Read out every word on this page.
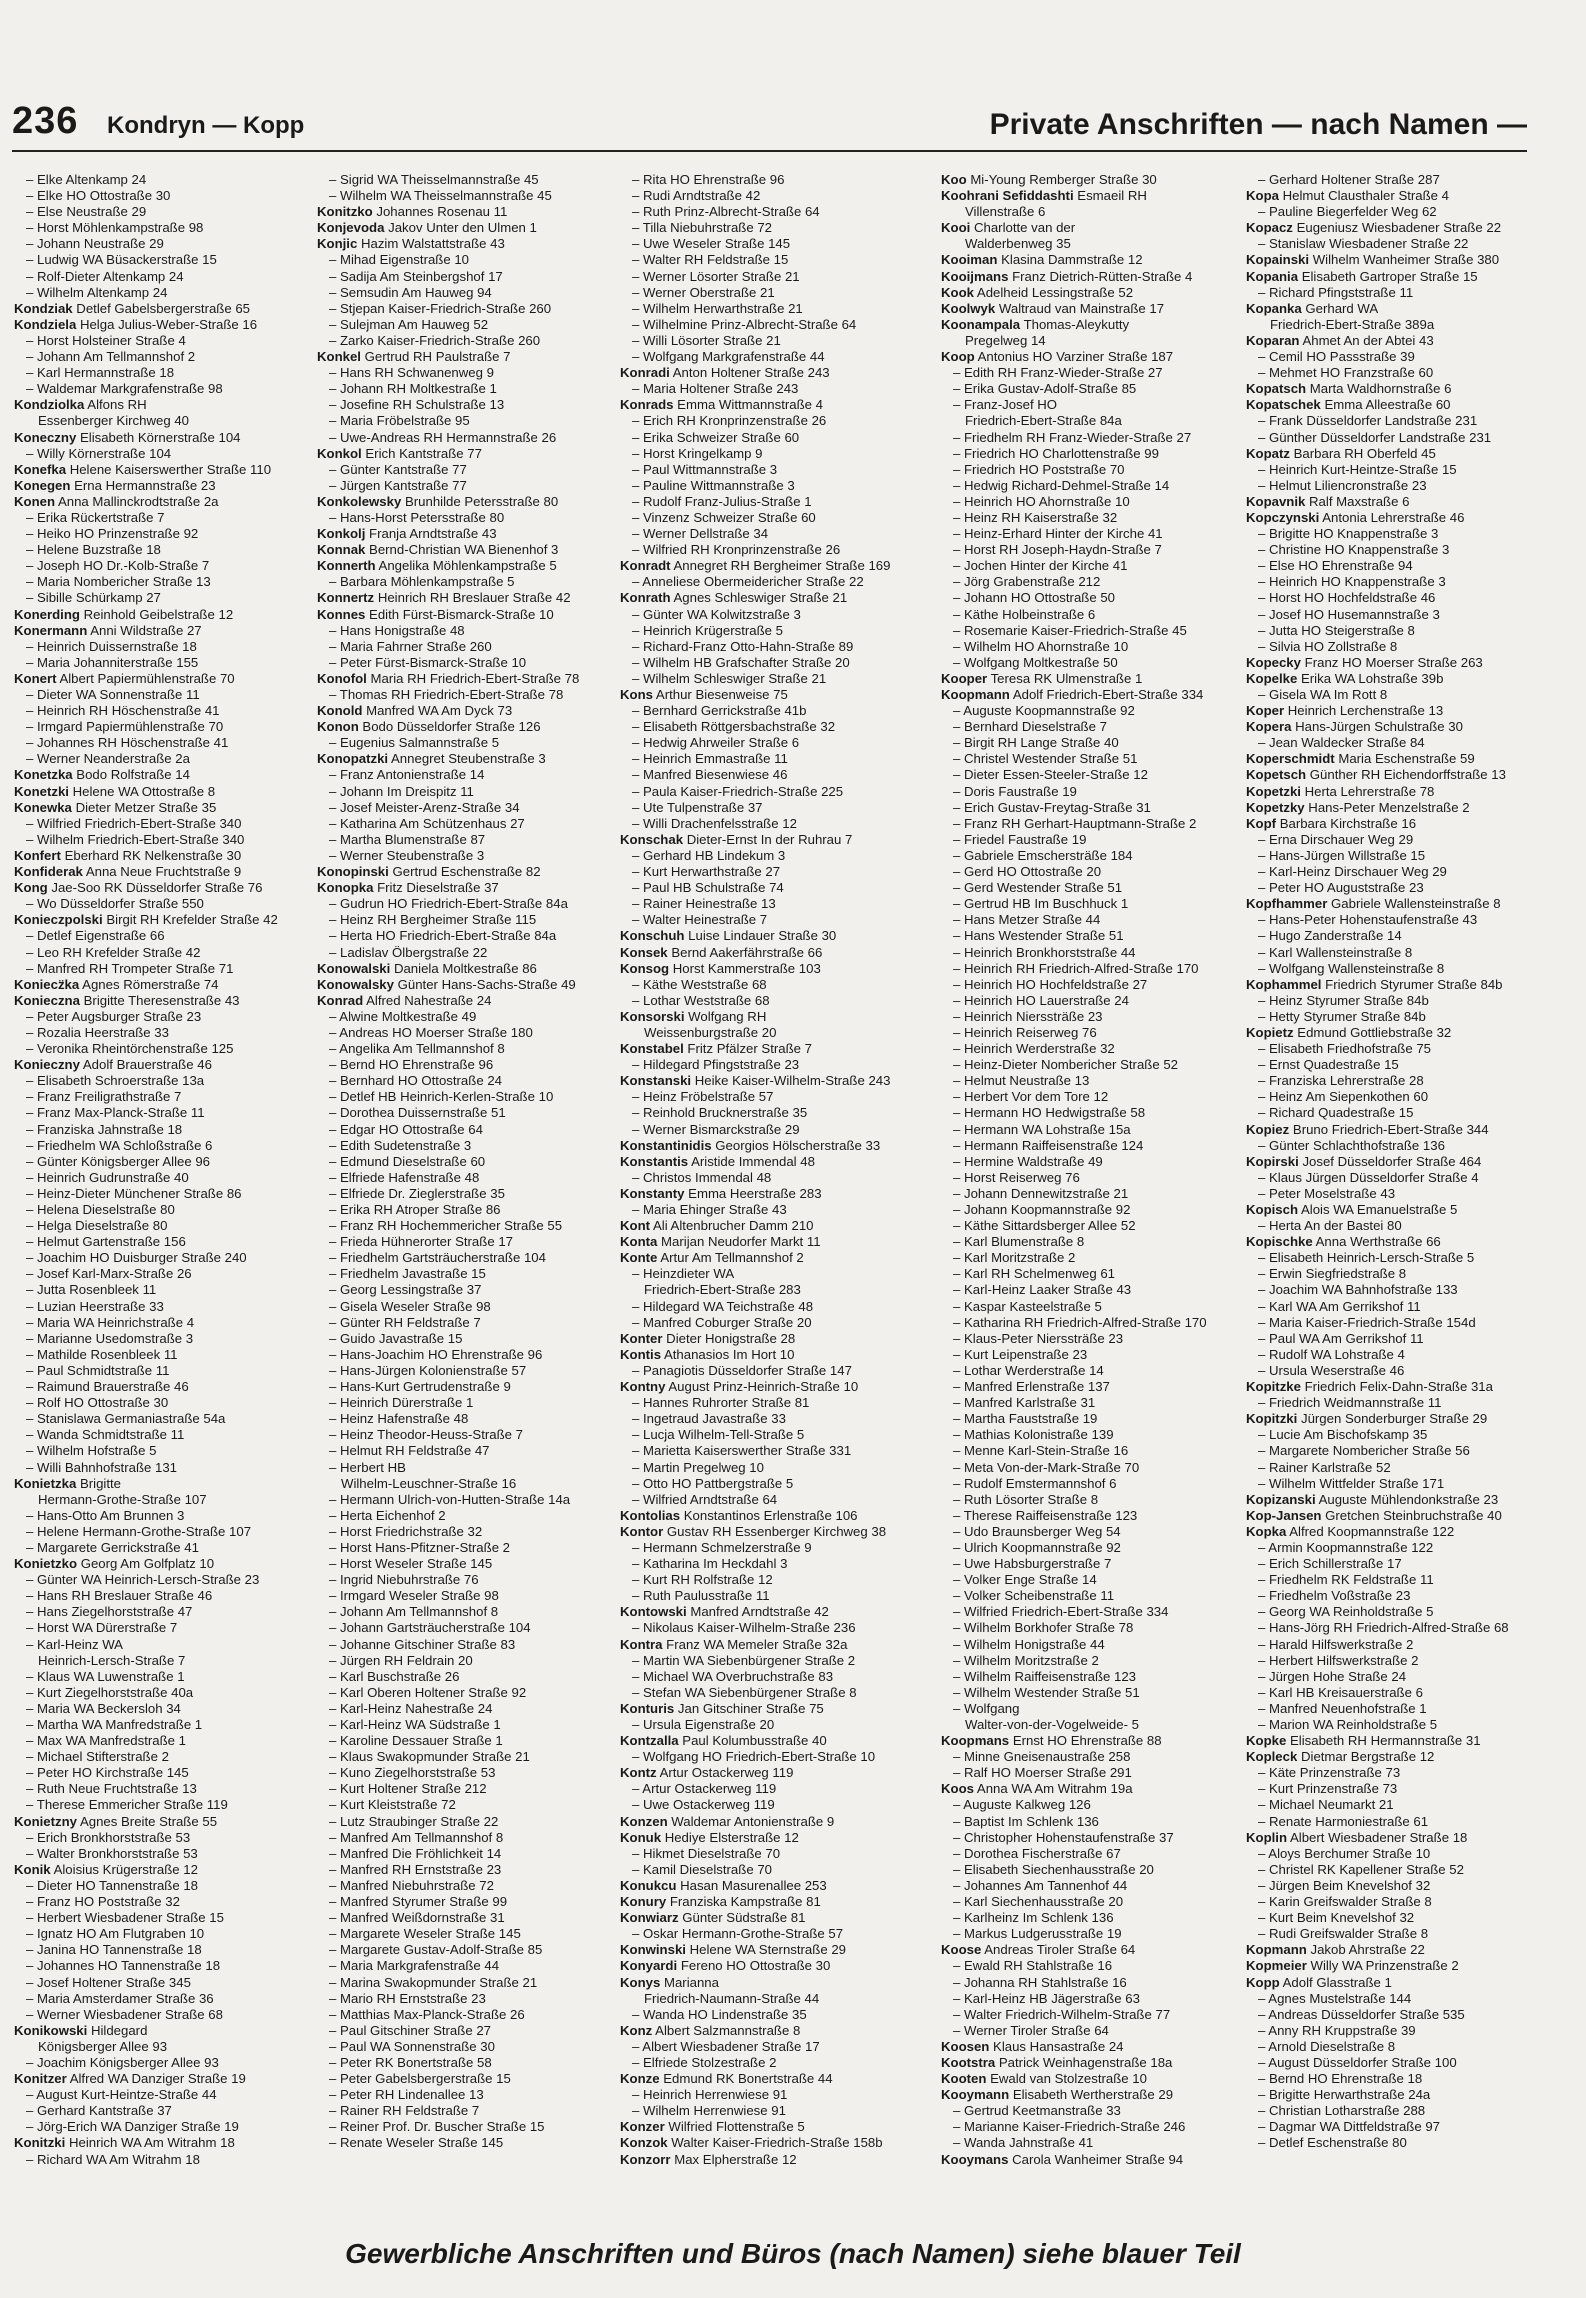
236 Kondryn — Kopp	Private Anschriften — nach Namen —
– Elke Altenkamp 24
– Elke HO Ottostraße 30
– Else Neustraße 29
– Horst Möhlenkampstraße 98
– Johann Neustraße 29
– Ludwig WA Büsackerstraße 15
– Rolf-Dieter Altenkamp 24
– Wilhelm Altenkamp 24
Kondziak Detlef Gabelsbergerstraße 65
Kondziela Helga Julius-Weber-Straße 16
– Horst Holsteiner Straße 4
– Johann Am Tellmannshof 2
– Karl Hermannstraße 18
– Waldemar Markgrafenstraße 98
Kondziolka Alfons RH
Essenberger Kirchweg 40
Koneczny Elisabeth Körnerstraße 104
– Willy Körnerstraße 104
Konefka Helene Kaiserswerther Straße 110
Konegen Erna Hermannstraße 23
Konen Anna Mallinckrodtstraße 2a
– Erika Rückertstraße 7
– Heiko HO Prinzenstraße 92
– Helene Buzstraße 18
– Joseph HO Dr.-Kolb-Straße 7
– Maria Nombericher Straße 13
– Sibille Schürkamp 27
Konerding Reinhold Geibelstraße 12
Konermann Anni Wildstraße 27
– Heinrich Duissernstraße 18
– Maria Johanniterstraße 155
Konert Albert Papiermühlenstraße 70
– Dieter WA Sonnenstraße 11
– Heinrich RH Höschenstraße 41
– Irmgard Papiermühlenstraße 70
– Johannes RH Höschenstraße 41
– Werner Neanderstraße 2a
Konetzka Bodo Rolfstraße 14
Konetzki Helene WA Ottostraße 8
Konewka Dieter Metzer Straße 35
– Wilfried Friedrich-Ebert-Straße 340
– Wilhelm Friedrich-Ebert-Straße 340
Konfert Eberhard RK Nelkenstraße 30
Konfiderak Anna Neue Fruchtstraße 9
Kong Jae-Soo RK Düsseldorfer Straße 76
– Wo Düsseldorfer Straße 550
Konieczpolski Birgit RH Krefelder Straße 42
– Detlef Eigenstraße 66
– Leo RH Krefelder Straße 42
– Manfred RH Trompeter Straße 71
Koniecz̈ka Agnes Römerstraße 74
Konieczna Brigitte Theresenstraße 43
– Peter Augsburger Straße 23
– Rozalia Heerstraße 33
– Veronika Rheintörchenstraße 125
Konieczny Adolf Brauerstraße 46
– Elisabeth Schroerstraße 13a
– Franz Freiligrathstraße 7
– Franz Max-Planck-Straße 11
– Franziska Jahnstraße 18
– Friedhelm WA Schloßstraße 6
– Günter Königsberger Allee 96
– Heinrich Gudrunstraße 40
– Heinz-Dieter Münchener Straße 86
– Helena Dieselstraße 80
– Helga Dieselstraße 80
– Helmut Gartenstraße 156
– Joachim HO Duisburger Straße 240
– Josef Karl-Marx-Straße 26
– Jutta Rosenbleek 11
– Luzian Heerstraße 33
– Maria WA Heinrichstraße 4
– Marianne Usedomstraße 3
– Mathilde Rosenbleek 11
– Paul Schmidtstraße 11
– Raimund Brauerstraße 46
– Rolf HO Ottostraße 30
– Stanislawa Germaniastraße 54a
– Wanda Schmidtstraße 11
– Wilhelm Hofstraße 5
– Willi Bahnhofstraße 131
Konietzka Brigitte
Hermann-Grothe-Straße 107
– Hans-Otto Am Brunnen 3
– Helene Hermann-Grothe-Straße 107
– Margarete Gerrickstraße 41
Konietzko Georg Am Golfplatz 10
– Günter WA Heinrich-Lersch-Straße 23
– Hans RH Breslauer Straße 46
– Hans Ziegelhorststraße 47
– Horst WA Dürerstraße 7
– Karl-Heinz WA
Heinrich-Lersch-Straße 7
– Klaus WA Luwenstraße 1
– Kurt Ziegelhorststraße 40a
– Maria WA Beckersloh 34
– Martha WA Manfredstraße 1
– Max WA Manfredstraße 1
– Michael Stifterstraße 2
– Peter HO Kirchstraße 145
– Ruth Neue Fruchtstraße 13
– Therese Emmericher Straße 119
Konietzny Agnes Breite Straße 55
– Erich Bronkhorststraße 53
– Walter Bronkhorststraße 53
Konik Aloisius Krügerstraße 12
– Dieter HO Tannenstraße 18
– Franz HO Poststraße 32
– Herbert Wiesbadener Straße 15
– Ignatz HO Am Flutgraben 10
– Janina HO Tannenstraße 18
– Johannes HO Tannenstraße 18
– Josef Holtener Straße 345
– Maria Amsterdamer Straße 36
– Werner Wiesbadener Straße 68
Konikowski Hildegard
Königsberger Allee 93
– Joachim Königsberger Allee 93
Konitzer Alfred WA Danziger Straße 19
– August Kurt-Heintze-Straße 44
– Gerhard Kantstraße 37
– Jörg-Erich WA Danziger Straße 19
Konitzki Heinrich WA Am Witrahm 18
– Richard WA Am Witrahm 18
– Sigrid WA Theisselmannstraße 45
– Wilhelm WA Theisselmannstraße 45
Konitzko Johannes Rosenau 11
Konjevoda Jakov Unter den Ulmen 1
Konjic Hazim Walstattstraße 43
– Mihad Eigenstraße 10
– Sadija Am Steinbergshof 17
– Semsudin Am Hauweg 94
– Stjepan Kaiser-Friedrich-Straße 260
– Sulejman Am Hauweg 52
– Zarko Kaiser-Friedrich-Straße 260
Konkel Gertrud RH Paulstraße 7
– Hans RH Schwanenweg 9
– Johann RH Moltkestraße 1
– Josefine RH Schulstraße 13
– Maria Fröbelstraße 95
– Uwe-Andreas RH Hermannstraße 26
Konkol Erich Kantstraße 77
– Günter Kantstraße 77
– Jürgen Kantstraße 77
Konkolewsky Brunhilde Petersstraße 80
– Hans-Horst Petersstraße 80
Konkolj Franja Arndtstraße 43
Konnak Bernd-Christian WA Bienenhof 3
Konnerth Angelika Möhlenkampstraße 5
– Barbara Möhlenkampstraße 5
Konnertz Heinrich RH Breslauer Straße 42
Konnes Edith Fürst-Bismarck-Straße 10
– Hans Honigstraße 48
– Maria Fahrner Straße 260
– Peter Fürst-Bismarck-Straße 10
Konofol Maria RH Friedrich-Ebert-Straße 78
– Thomas RH Friedrich-Ebert-Straße 78
Konold Manfred WA Am Dyck 73
Konon Bodo Düsseldorfer Straße 126
– Eugenius Salmannstraße 5
Konopatzki Annegret Steubenstraße 3
– Franz Antonienstraße 14
– Johann Im Dreispitz 11
– Josef Meister-Arenz-Straße 34
– Katharina Am Schützenhaus 27
– Martha Blumenstraße 87
– Werner Steubenstraße 3
Konopinski Gertrud Eschenstraße 82
Konopka Fritz Dieselstraße 37
– Gudrun HO Friedrich-Ebert-Straße 84a
– Heinz RH Bergheimer Straße 115
– Herta HO Friedrich-Ebert-Straße 84a
– Ladislav Ölbergstraße 22
Konowalski Daniela Moltkestraße 86
Konowalsky Günter Hans-Sachs-Straße 49
Konrad Alfred Nahestraße 24
– Alwine Moltkestraße 49
– Andreas HO Moerser Straße 180
– Angelika Am Tellmannshof 8
– Bernd HO Ehrenstraße 96
– Bernhard HO Ottostraße 24
– Detlef HB Heinrich-Kerlen-Straße 10
– Dorothea Duissernstraße 51
– Edgar HO Ottostraße 64
– Edith Sudetenstraße 3
– Edmund Dieselstraße 60
– Elfriede Hafenstraße 48
– Elfriede Dr. Zieglerstraße 35
– Erika RH Atroper Straße 86
– Franz RH Hochemmericher Straße 55
– Frieda Hühnerorter Straße 17
– Friedhelm Gartsträucherstraße 104
– Friedhelm Javastraße 15
– Georg Lessingstraße 37
– Gisela Weseler Straße 98
– Günter RH Feldstraße 7
– Guido Javastraße 15
– Hans-Joachim HO Ehrenstraße 96
– Hans-Jürgen Kolonienstraße 57
– Hans-Kurt Gertrudenstraße 9
– Heinrich Dürerstraße 1
– Heinz Hafenstraße 48
– Heinz Theodor-Heuss-Straße 7
– Helmut RH Feldstraße 47
– Herbert HB
Wilhelm-Leuschner-Straße 16
– Hermann Ulrich-von-Hutten-Straße 14a
– Herta Eichenhof 2
– Horst Friedrichstraße 32
– Horst Hans-Pfitzner-Straße 2
– Horst Weseler Straße 145
– Ingrid Niebuhrstraße 76
– Irmgard Weseler Straße 98
– Johann Am Tellmannshof 8
– Johann Gartsträucherstraße 104
– Johanne Gitschiner Straße 83
– Jürgen RH Feldrain 20
– Karl Buschstraße 26
– Karl Oberen Holtener Straße 92
– Karl-Heinz Nahestraße 24
– Karl-Heinz WA Südstraße 1
– Karoline Dessauer Straße 1
– Klaus Swakopmunder Straße 21
– Kuno Ziegelhorststraße 53
– Kurt Holtener Straße 212
– Kurt Kleiststraße 72
– Lutz Straubinger Straße 22
– Manfred Am Tellmannshof 8
– Manfred Die Fröhlichkeit 14
– Manfred RH Ernststraße 23
– Manfred Niebuhrstraße 72
– Manfred Styrumer Straße 99
– Manfred Weißdornstraße 31
– Margarete Weseler Straße 145
– Margarete Gustav-Adolf-Straße 85
– Maria Markgrafenstraße 44
– Marina Swakopmunder Straße 21
– Mario RH Ernststraße 23
– Matthias Max-Planck-Straße 26
– Paul Gitschiner Straße 27
– Paul WA Sonnenstraße 30
– Peter RK Bonertstraße 58
– Peter Gabelsbergerstraße 15
– Peter RH Lindenallee 13
– Rainer RH Feldstraße 7
– Reiner Prof. Dr. Buscher Straße 15
– Renate Weseler Straße 145
– Rita HO Ehrenstraße 96
– Rudi Arndtstraße 42
– Ruth Prinz-Albrecht-Straße 64
– Tilla Niebuhrstraße 72
– Uwe Weseler Straße 145
– Walter RH Feldstraße 15
– Werner Lösorter Straße 21
– Werner Oberstraße 21
– Wilhelm Herwarthstraße 21
– Wilhelmine Prinz-Albrecht-Straße 64
– Willi Lösorter Straße 21
– Wolfgang Markgrafenstraße 44
Konradi Anton Holtener Straße 243
– Maria Holtener Straße 243
Konrads Emma Wittmannstraße 4
– Erich RH Kronprinzenstraße 26
– Erika Schweizer Straße 60
– Horst Kringelkamp 9
– Paul Wittmannstraße 3
– Pauline Wittmannstraße 3
– Rudolf Franz-Julius-Straße 1
– Vinzenz Schweizer Straße 60
– Werner Dellstraße 34
– Wilfried RH Kronprinzenstraße 26
Konradt Annegret RH Bergheimer Straße 169
– Anneliese Obermeidericher Straße 22
Konrath Agnes Schleswiger Straße 21
– Günter WA Kolwitzstraße 3
– Heinrich Krügerstraße 5
– Richard-Franz Otto-Hahn-Straße 89
– Wilhelm HB Grafschafter Straße 20
– Wilhelm Schleswiger Straße 21
Kons Arthur Biesenweise 75
– Bernhard Gerrickstraße 41b
– Elisabeth Röttgersbachstraße 32
– Hedwig Ahrweiler Straße 6
– Heinrich Emmastraße 11
– Manfred Biesenwiese 46
– Paula Kaiser-Friedrich-Straße 225
– Ute Tulpenstraße 37
– Willi Drachenfelsstraße 12
Konschak Dieter-Ernst In der Ruhrau 7
– Gerhard HB Lindekum 3
– Kurt Herwarthstraße 27
– Paul HB Schulstraße 74
– Rainer Heinestraße 13
– Walter Heinestraße 7
Konschuh Luise Lindauer Straße 30
Konsek Bernd Aakerfährstraße 66
Konsog Horst Kammerstraße 103
– Käthe Weststraße 68
– Lothar Weststraße 68
Konsorski Wolfgang RH
Weissenburgstraße 20
Konstabel Fritz Pfälzer Straße 7
– Hildegard Pfingststraße 23
Konstanski Heike Kaiser-Wilhelm-Straße 243
– Heinz Fröbelstraße 57
– Reinhold Brucknerstraße 35
– Werner Bismarckstraße 29
Konstantinidis Georgios Hölscherstraße 33
Konstantis Aristide Immendal 48
– Christos Immendal 48
Konstanty Emma Heerstraße 283
– Maria Ehinger Straße 43
Kont Ali Altenbrucher Damm 210
Konta Marijan Neudorfer Markt 11
Konte Artur Am Tellmannshof 2
– Heinzdieter WA
Friedrich-Ebert-Straße 283
– Hildegard WA Teichstraße 48
– Manfred Coburger Straße 20
Konter Dieter Honigstraße 28
Kontis Athanasios Im Hort 10
– Panagiotis Düsseldorfer Straße 147
Kontny August Prinz-Heinrich-Straße 10
– Hannes Ruhrorter Straße 81
– Ingetraud Javastraße 33
– Lucja Wilhelm-Tell-Straße 5
– Marietta Kaiserswerther Straße 331
– Martin Pregelweg 10
– Otto HO Pattbergstraße 5
– Wilfried Arndtstraße 64
Kontolias Konstantinos Erlenstraße 106
Kontor Gustav RH Essenberger Kirchweg 38
– Hermann Schmelzerstraße 9
– Katharina Im Heckdahl 3
– Kurt RH Rolfstraße 12
– Ruth Paulusstraße 11
Kontowski Manfred Arndtstraße 42
– Nikolaus Kaiser-Wilhelm-Straße 236
Kontra Franz WA Memeler Straße 32a
– Martin WA Siebenbürgener Straße 2
– Michael WA Overbruchstraße 83
– Stefan WA Siebenbürgener Straße 8
Konturis Jan Gitschiner Straße 75
– Ursula Eigenstraße 20
Kontzalla Paul Kolumbusstraße 40
– Wolfgang HO Friedrich-Ebert-Straße 10
Kontz Artur Ostackerweg 119
– Artur Ostackerweg 119
– Uwe Ostackerweg 119
Konzen Waldemar Antonienstraße 9
Konuk Hediye Elsterstraße 12
– Hikmet Dieselstraße 70
– Kamil Dieselstraße 70
Konukcu Hasan Masurenallee 253
Konury Franziska Kampstraße 81
Konwiarz Günter Südstraße 81
– Oskar Hermann-Grothe-Straße 57
Konwinski Helene WA Sternstraße 29
Konyardi Fereno HO Ottostraße 30
Konys Marianna
Friedrich-Naumann-Straße 44
– Wanda HO Lindenstraße 35
Konz Albert Salzmannstraße 8
– Albert Wiesbadener Straße 17
– Elfriede Stolzestraße 2
Konze Edmund RK Bonertstraße 44
– Heinrich Herrenwiese 91
– Wilhelm Herrenwiese 91
Konzer Wilfried Flottenstraße 5
Konzok Walter Kaiser-Friedrich-Straße 158b
Konzorr Max Elpherstraße 12
Koo Mi-Young Remberger Straße 30
Koohrani Sefiddashti Esmaeil RH
Villenstraße 6
Kooi Charlotte van der
Walderbenweg 35
Kooiman Klasina Dammstraße 12
Kooijmans Franz Dietrich-Rütten-Straße 4
Kook Adelheid Lessingstraße 52
Koolwyk Waltraud van Mainstraße 17
Koonampala Thomas-Aleykutty
Pregelweg 14
Koop Antonius HO Varziner Straße 187
– Edith RH Franz-Wieder-Straße 27
– Erika Gustav-Adolf-Straße 85
– Franz-Josef HO
Friedrich-Ebert-Straße 84a
– Friedhelm RH Franz-Wieder-Straße 27
– Friedrich HO Charlottenstraße 99
– Friedrich HO Poststraße 70
– Hedwig Richard-Dehmel-Straße 14
– Heinrich HO Ahornstraße 10
– Heinz RH Kaiserstraße 32
– Heinz-Erhard Hinter der Kirche 41
– Horst RH Joseph-Haydn-Straße 7
– Jochen Hinter der Kirche 41
– Jörg Grabenstraße 212
– Johann HO Ottostraße 50
– Käthe Holbeinstraße 6
– Rosemarie Kaiser-Friedrich-Straße 45
– Wilhelm HO Ahornstraße 10
– Wolfgang Moltkestraße 50
Kooper Teresa RK Ulmenstraße 1
Koopmann Adolf Friedrich-Ebert-Straße 334
– Auguste Koopmannstraße 92
– Bernhard Dieselstraße 7
– Birgit RH Lange Straße 40
– Christel Westender Straße 51
– Dieter Essen-Steeler-Straße 12
– Doris Faustraße 19
– Erich Gustav-Freytag-Straße 31
– Franz RH Gerhart-Hauptmann-Straße 2
– Friedel Faustraße 19
– Gabriele Emschersträße 184
– Gerd HO Ottostraße 20
– Gerd Westender Straße 51
– Gertrud HB Im Buschhuck 1
– Hans Metzer Straße 44
– Hans Westender Straße 51
– Heinrich Bronkhorststraße 44
– Heinrich RH Friedrich-Alfred-Straße 170
– Heinrich HO Hochfeldstraße 27
– Heinrich HO Lauerstraße 24
– Heinrich Nierssträße 23
– Heinrich Reiserweg 76
– Heinrich Werderstraße 32
– Heinz-Dieter Nombericher Straße 52
– Helmut Neustraße 13
– Herbert Vor dem Tore 12
– Hermann HO Hedwigstraße 58
– Hermann WA Lohstraße 15a
– Hermann Raiffeisenstraße 124
– Hermine Waldstraße 49
– Horst Reiserweg 76
– Johann Dennewitzstraße 21
– Johann Koopmannstraße 92
– Käthe Sittardsberger Allee 52
– Karl Blumenstraße 8
– Karl Moritzstraße 2
– Karl RH Schelmenweg 61
– Karl-Heinz Laaker Straße 43
– Kaspar Kasteelstraße 5
– Katharina RH Friedrich-Alfred-Straße 170
– Klaus-Peter Nierssträße 23
– Kurt Leipenstraße 23
– Lothar Werderstraße 14
– Manfred Erlenstraße 137
– Manfred Karlstraße 31
– Martha Fauststraße 19
– Mathias Kolonistraße 139
– Menne Karl-Stein-Straße 16
– Meta Von-der-Mark-Straße 70
– Rudolf Emstermannshof 6
– Ruth Lösorter Straße 8
– Therese Raiffeisenstraße 123
– Udo Braunsberger Weg 54
– Ulrich Koopmannstraße 92
– Uwe Habsburgerstraße 7
– Volker Enge Straße 14
– Volker Scheibenstraße 11
– Wilfried Friedrich-Ebert-Straße 334
– Wilhelm Borkhofer Straße 78
– Wilhelm Honigstraße 44
– Wilhelm Moritzstraße 2
– Wilhelm Raiffeisenstraße 123
– Wilhelm Westender Straße 51
– Wolfgang
Walter-von-der-Vogelweide- 5
Koopmans Ernst HO Ehrenstraße 88
– Minne Gneisenaustraße 258
– Ralf HO Moerser Straße 291
Koos Anna WA Am Witrahm 19a
– Auguste Kalkweg 126
– Baptist Im Schlenk 136
– Christopher Hohenstaufenstraße 37
– Dorothea Fischerstraße 67
– Elisabeth Siechenhausstraße 20
– Johannes Am Tannenhof 44
– Karl Siechenhausstraße 20
– Karlheinz Im Schlenk 136
– Markus Ludgerusstraße 19
Koose Andreas Tiroler Straße 64
– Ewald RH Stahlstraße 16
– Johanna RH Stahlstraße 16
– Karl-Heinz HB Jägerstraße 63
– Walter Friedrich-Wilhelm-Straße 77
– Werner Tiroler Straße 64
Koosen Klaus Hansastraße 24
Kootstra Patrick Weinhagenstraße 18a
Kooten Ewald van Stolzestraße 10
Kooymann Elisabeth Wertherstraße 29
– Gertrud Keetmanstraße 33
– Marianne Kaiser-Friedrich-Straße 246
– Wanda Jahnstraße 41
Kooymans Carola Wanheimer Straße 94
– Gerhard Holtener Straße 287
Kopa Helmut Clausthaler Straße 4
– Pauline Biegerfelder Weg 62
Kopacz Eugeniusz Wiesbadener Straße 22
– Stanislaw Wiesbadener Straße 22
Kopainski Wilhelm Wanheimer Straße 380
Kopania Elisabeth Gartroper Straße 15
– Richard Pfingststraße 11
Kopanka Gerhard WA
Friedrich-Ebert-Straße 389a
Koparan Ahmet An der Abtei 43
– Cemil HO Passstraße 39
– Mehmet HO Franzstraße 60
Kopatsch Marta Waldhornstraße 6
Kopatschek Emma Alleestraße 60
– Frank Düsseldorfer Landstraße 231
– Günther Düsseldorfer Landstraße 231
Kopatz Barbara RH Oberfeld 45
– Heinrich Kurt-Heintze-Straße 15
– Helmut Liliencronstraße 23
Kopavnik Ralf Maxstraße 6
Kopczynski Antonia Lehrerstraße 46
– Brigitte HO Knappenstraße 3
– Christine HO Knappenstraße 3
– Else HO Ehrenstraße 94
– Heinrich HO Knappenstraße 3
– Horst HO Hochfeldstraße 46
– Josef HO Husemannstraße 3
– Jutta HO Steigerstraße 8
– Silvia HO Zollstraße 8
Kopecky Franz HO Moerser Straße 263
Kopelke Erika WA Lohstraße 39b
– Gisela WA Im Rott 8
Koper Heinrich Lerchenstraße 13
Kopera Hans-Jürgen Schulstraße 30
– Jean Waldecker Straße 84
Koperschmidt Maria Eschenstraße 59
Kopetsch Günther RH Eichendorffstraße 13
Kopetzki Herta Lehrerstraße 78
Kopetzky Hans-Peter Menzelstraße 2
Kopf Barbara Kirchstraße 16
– Erna Dirschauer Weg 29
– Hans-Jürgen Willstraße 15
– Karl-Heinz Dirschauer Weg 29
– Peter HO Auguststraße 23
Kopfhammer Gabriele Wallensteinstraße 8
– Hans-Peter Hohenstaufenstraße 43
– Hugo Zanderstraße 14
– Karl Wallensteinstraße 8
– Wolfgang Wallensteinstraße 8
Kophammel Friedrich Styrumer Straße 84b
– Heinz Styrumer Straße 84b
– Hetty Styrumer Straße 84b
Kopietz Edmund Gottliebstraße 32
– Elisabeth Friedhofstraße 75
– Ernst Quadestraße 15
– Franziska Lehrerstraße 28
– Heinz Am Siepenkothen 60
– Richard Quadestraße 15
Kopiez Bruno Friedrich-Ebert-Straße 344
– Günter Schlachthofstraße 136
Kopirski Josef Düsseldorfer Straße 464
– Klaus Jürgen Düsseldorfer Straße 4
– Peter Moselstraße 43
Kopisch Alois WA Emanuelstraße 5
– Herta An der Bastei 80
Kopischke Anna Werthstraße 66
– Elisabeth Heinrich-Lersch-Straße 5
– Erwin Siegfriedstraße 8
– Joachim WA Bahnhofstraße 133
– Karl WA Am Gerrikshof 11
– Maria Kaiser-Friedrich-Straße 154d
– Paul WA Am Gerrikshof 11
– Rudolf WA Lohstraße 4
– Ursula Weserstraße 46
Kopitzke Friedrich Felix-Dahn-Straße 31a
– Friedrich Weidmannstraße 11
Kopitzki Jürgen Sonderburger Straße 29
– Lucie Am Bischofskamp 35
– Margarete Nombericher Straße 56
– Rainer Karlstraße 52
– Wilhelm Wittfelder Straße 171
Kopizanski Auguste Mühlendonkstraße 23
Kop-Jansen Gretchen Steinbruchstraße 40
Kopka Alfred Koopmannstraße 122
– Armin Koopmannstraße 122
– Erich Schillerstraße 17
– Friedhelm RK Feldstraße 11
– Friedhelm Voßstraße 23
– Georg WA Reinholdstraße 5
– Hans-Jörg RH Friedrich-Alfred-Straße 68
– Harald Hilfswerkstraße 2
– Herbert Hilfswerkstraße 2
– Jürgen Hohe Straße 24
– Karl HB Kreisauerstraße 6
– Manfred Neuenhofstraße 1
– Marion WA Reinholdstraße 5
Kopke Elisabeth RH Hermannstraße 31
Kopleck Dietmar Bergstraße 12
– Käte Prinzenstraße 73
– Kurt Prinzenstraße 73
– Michael Neumarkt 21
– Renate Harmoniestraße 61
Koplin Albert Wiesbadener Straße 18
– Aloys Berchumer Straße 10
– Christel RK Kapellener Straße 52
– Jürgen Beim Knevelshof 32
– Karin Greifswalder Straße 8
– Kurt Beim Knevelshof 32
– Rudi Greifswalder Straße 8
Kopmann Jakob Ahrstraße 22
Kopmeier Willy WA Prinzenstraße 2
Kopp Adolf Glasstraße 1
– Agnes Mustelstraße 144
– Andreas Düsseldorfer Straße 535
– Anny RH Kruppstraße 39
– Arnold Dieselstraße 8
– August Düsseldorfer Straße 100
– Bernd HO Ehrenstraße 18
– Brigitte Herwarthstraße 24a
– Christian Lotharstraße 288
– Dagmar WA Dittfeldstraße 97
– Detlef Eschenstraße 80
Gewerbliche Anschriften und Büros (nach Namen) siehe blauer Teil
